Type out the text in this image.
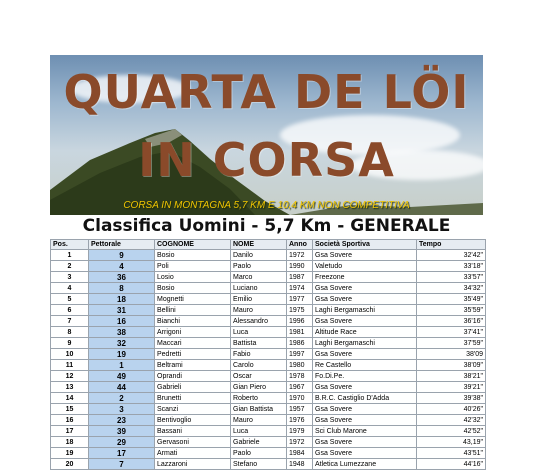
QUARTA DE LÖI
IN CORSA
CORSA IN MONTAGNA 5,7 KM E 10,4 KM NON COMPETITIVA
Classifica Uomini - 5,7 Km - GENERALE
Pos.	Pettorale	COGNOME	NOME	Anno	Società Sportiva	Tempo
1	9	Bosio	Danilo	1972	Gsa Sovere	32'42"
2	4	Poli	Paolo	1990	Valetudo	33'18"
3	36	Losio	Marco	1987	Freezone	33'57"
4	8	Bosio	Luciano	1974	Gsa Sovere	34'32"
5	18	Mognetti	Emilio	1977	Gsa Sovere	35'49"
6	31	Bellini	Mauro	1975	Laghi Bergamaschi	35'59"
7	16	Bianchi	Alessandro	1996	Gsa Sovere	36'16"
8	38	Arrigoni	Luca	1981	Altitude Race	37'41"
9	32	Maccari	Battista	1986	Laghi Bergamaschi	37'59"
10	19	Pedretti	Fabio	1997	Gsa Sovere	38'09
11	1	Beltrami	Carolo	1980	Re Castello	38'09"
12	49	Oprandi	Oscar	1978	Fo.Di.Pe.	38'21"
13	44	Gabrieli	Gian Piero	1967	Gsa Sovere	39'21"
14	2	Brunetti	Roberto	1970	B.R.C. Castiglio D'Adda	39'38"
15	3	Scanzi	Gian Battista	1957	Gsa Sovere	40'26"
16	23	Bentivoglio	Mauro	1976	Gsa Sovere	42'32"
17	39	Bassani	Luca	1979	Sci Club Marone	42'52"
18	29	Gervasoni	Gabriele	1972	Gsa Sovere	43,19"
19	17	Armati	Paolo	1984	Gsa Sovere	43'51"
20	7	Lazzaroni	Stefano	1948	Atletica Lumezzane	44'16"
